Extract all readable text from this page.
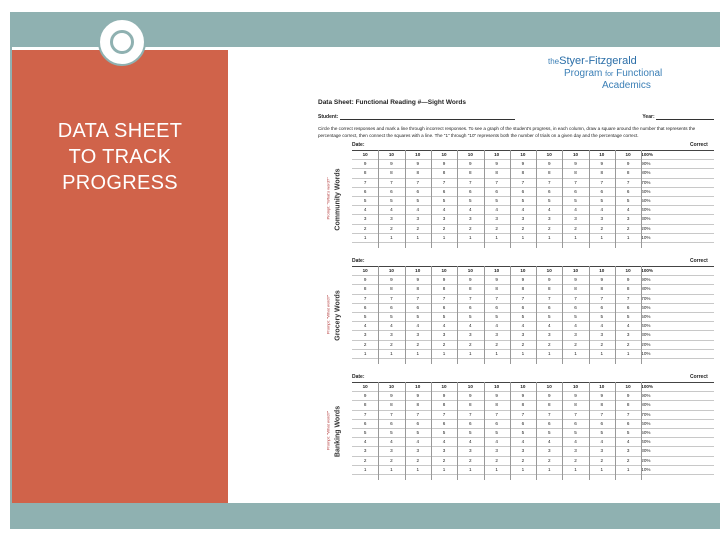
DATA SHEET
TO TRACK
PROGRESS
theStyer-Fitzgerald
Program for Functional
Academics
Data Sheet: Functional Reading #—Sight Words
Student:	Year:
Circle the correct responses and mark a line through incorrect responses. To see a graph of the student's progress, in each column, draw a square around the number that represents the percentage correct, then connect the squares with a line. The "1" through "10" represents both the number of trials on a given day and the percentage correct.
Prompt: "What's word?" Community Words
Date:	Correct
10	10	10	10	10	10	10	10	10	10	10	100%
9	9	9	9	9	9	9	9	9	9	9	90%
8	8	8	8	8	8	8	8	8	8	8	80%
7	7	7	7	7	7	7	7	7	7	7	70%
6	6	6	6	6	6	6	6	6	6	6	60%
5	5	5	5	5	5	5	5	5	5	5	50%
4	4	4	4	4	4	4	4	4	4	4	40%
3	3	3	3	3	3	3	3	3	3	3	30%
2	2	2	2	2	2	2	2	2	2	2	20%
1	1	1	1	1	1	1	1	1	1	1	10%
Prompt: "What word?" Grocery Words
Date:	Correct
10	10	10	10	10	10	10	10	10	10	10	100%
9	9	9	9	9	9	9	9	9	9	9	90%
8	8	8	8	8	8	8	8	8	8	8	80%
7	7	7	7	7	7	7	7	7	7	7	70%
6	6	6	6	6	6	6	6	6	6	6	60%
5	5	5	5	5	5	5	5	5	5	5	50%
4	4	4	4	4	4	4	4	4	4	4	40%
3	3	3	3	3	3	3	3	3	3	3	30%
2	2	2	2	2	2	2	2	2	2	2	20%
1	1	1	1	1	1	1	1	1	1	1	10%
Prompt: "What word?" Banking Words
Date:	Correct
10	10	10	10	10	10	10	10	10	10	10	100%
9	9	9	9	9	9	9	9	9	9	9	90%
8	8	8	8	8	8	8	8	8	8	8	80%
7	7	7	7	7	7	7	7	7	7	7	70%
6	6	6	6	6	6	6	6	6	6	6	60%
5	5	5	5	5	5	5	5	5	5	5	50%
4	4	4	4	4	4	4	4	4	4	4	40%
3	3	3	3	3	3	3	3	3	3	3	30%
2	2	2	2	2	2	2	2	2	2	2	20%
1	1	1	1	1	1	1	1	1	1	1	10%
